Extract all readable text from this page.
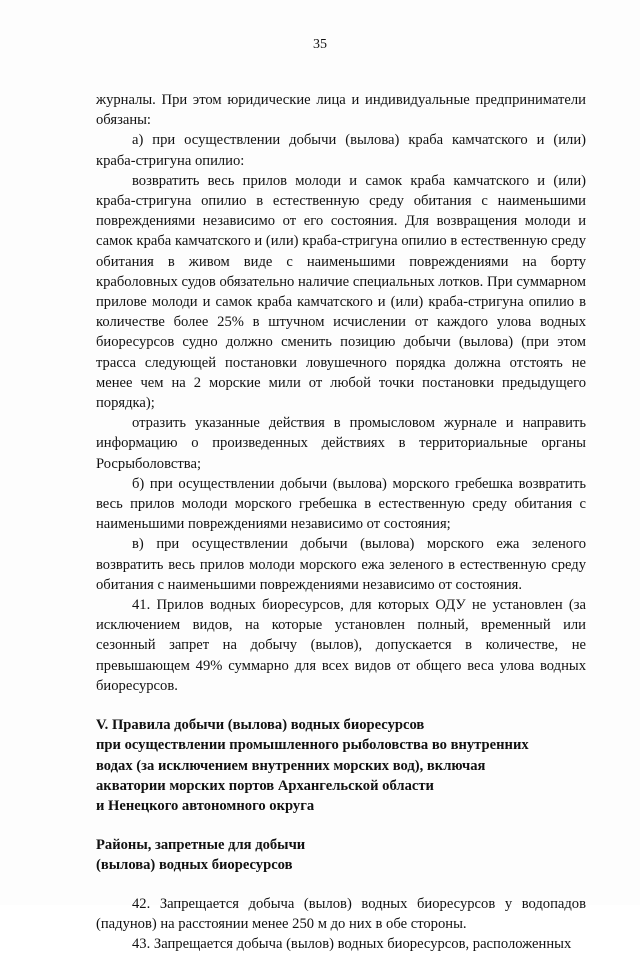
35

журналы. При этом юридические лица и индивидуальные предприниматели обязаны:

а) при осуществлении добычи (вылова) краба камчатского и (или) краба-стригуна опилио:

возвратить весь прилов молоди и самок краба камчатского и (или) краба-стригуна опилио в естественную среду обитания с наименьшими повреждениями независимо от его состояния. Для возвращения молоди и самок краба камчатского и (или) краба-стригуна опилио в естественную среду обитания в живом виде с наименьшими повреждениями на борту краболовных судов обязательно наличие специальных лотков. При суммарном прилове молоди и самок краба камчатского и (или) краба-стригуна опилио в количестве более 25% в штучном исчислении от каждого улова водных биоресурсов судно должно сменить позицию добычи (вылова) (при этом трасса следующей постановки ловушечного порядка должна отстоять не менее чем на 2 морские мили от любой точки постановки предыдущего порядка);

отразить указанные действия в промысловом журнале и направить информацию о произведенных действиях в территориальные органы Росрыболовства;

б) при осуществлении добычи (вылова) морского гребешка возвратить весь прилов молоди морского гребешка в естественную среду обитания с наименьшими повреждениями независимо от состояния;

в) при осуществлении добычи (вылова) морского ежа зеленого возвратить весь прилов молоди морского ежа зеленого в естественную среду обитания с наименьшими повреждениями независимо от состояния.

41. Прилов водных биоресурсов, для которых ОДУ не установлен (за исключением видов, на которые установлен полный, временный или сезонный запрет на добычу (вылов), допускается в количестве, не превышающем 49% суммарно для всех видов от общего веса улова водных биоресурсов.

V. Правила добычи (вылова) водных биоресурсов

при осуществлении промышленного рыболовства во внутренних

водах (за исключением внутренних морских вод), включая

акватории морских портов Архангельской области

и Ненецкого автономного округа

Районы, запретные для добычи

(вылова) водных биоресурсов

42. Запрещается добыча (вылов) водных биоресурсов у водопадов (падунов) на расстоянии менее 250 м до них в обе стороны.

43. Запрещается добыча (вылов) водных биоресурсов, расположенных
